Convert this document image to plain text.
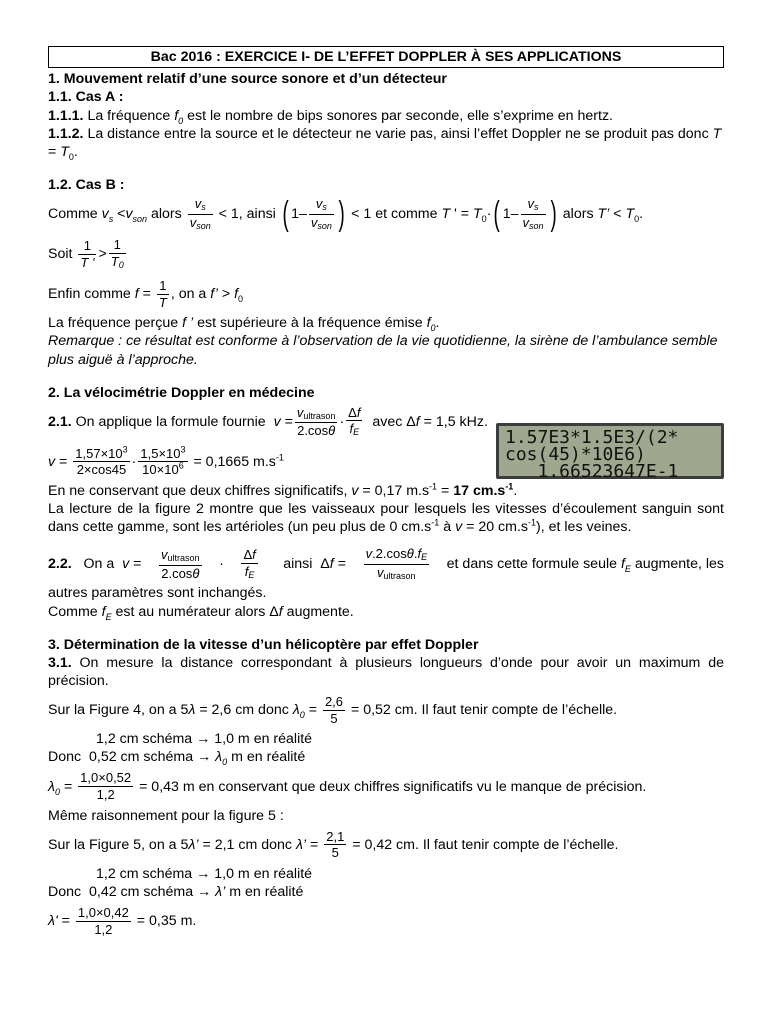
Bac 2016 : EXERCICE I- DE L’EFFET DOPPLER À SES APPLICATIONS

1. Mouvement relatif d’une source sonore et d’un détecteur

1.1. Cas A :

1.1.1. La fréquence $f_0$ est le nombre de bips sonores par seconde, elle s’exprime en hertz.

1.1.2. La distance entre la source et le détecteur ne varie pas, ainsi l’effet Doppler ne se produit pas donc $T = T_0$.

1.2. Cas B :

Comme $v_s <v_{son}$ alors $\frac{v_s}{v_{son}} < 1$, ainsi ( $1- \frac{v_s}{v_{son}}$ ) < 1 et comme T ' = $T_0\cdot$ ( $1- \frac{v_s}{v_{son}}$ ) alors T’ < $T_0$.
Soit $\frac{1}{T '} > \frac{1}{T_0}$
Enfin comme $f = \frac{1}{T}$ , on a f’ > $f_0$

La fréquence perçue f ’ est supérieure à la fréquence émise $f_0$.

Remarque : ce résultat est conforme à l’observation de la vie quotidienne, la sirène de l’ambulance semble plus aiguë à l’approche.

2. La vélocimétrie Doppler en médecine

2.1. On applique la formule fournie  $v = \frac{v_{ultrason}}{2.\cos\theta} \cdot \frac{\Delta f}{f_E}$ avec Δf = 1,5 kHz.
$v = \frac{1,57\times 10^3}{2\times\cos 45} \cdot \frac{1,5\times 10^3}{10\times 10^6} = 0,1665$ $m.s^{-1}$
1.57E3*1.5E3/(2*
cos(45)*10E6)
1.66523647E-1

En ne conservant que deux chiffres significatifs, v = 0,17 $m.s^{-1} = 17$ $cm.s^{-1}$.

La lecture de la figure 2 montre que les vaisseaux pour lesquels les vitesses d’écoulement sanguin sont dans cette gamme, sont les artérioles (un peu plus de 0 $cm.s^{-1}$ à v = 20 $cm.s^{-1}$), et les veines.

2.2.   On a  $v = \frac{v_{ultrason}}{2.\cos\theta} \cdot \frac{\Delta f}{f_E}$ ainsi  $\Delta f = \frac{v.2.\cos\theta.f_E}{v_{ultrason}}$ et dans cette formule seule $f_E$ augmente, les

autres paramètres sont inchangés.

Comme $f_E$ est au numérateur alors Δf augmente.

3. Détermination de la vitesse d’un hélicoptère par effet Doppler

3.1. On mesure la distance correspondant à plusieurs longueurs d’onde pour avoir un maximum de précision.

Sur la Figure 4, on a 5λ = 2,6 cm donc $\lambda_0 = \frac{2,6}{5} = 0,52$ cm. Il faut tenir compte de l’échelle.

1,2 cm schéma → 1,0 m en réalité

Donc  0,52 cm schéma → $\lambda_0$ m en réalité

$\lambda_0 = \frac{1,0\times 0,52}{1,2} = 0,43$ m en conservant que deux chiffres significatifs vu le manque de précision.

Même raisonnement pour la figure 5 :

Sur la Figure 5, on a 5λ’ = 2,1 cm donc λ’ = $\frac{2,1}{5} = 0,42$ cm. Il faut tenir compte de l’échelle.

1,2 cm schéma → 1,0 m en réalité

Donc  0,42 cm schéma → λ’ m en réalité

$\lambda' = \frac{1,0\times 0,42}{1,2} = 0,35$ m.
